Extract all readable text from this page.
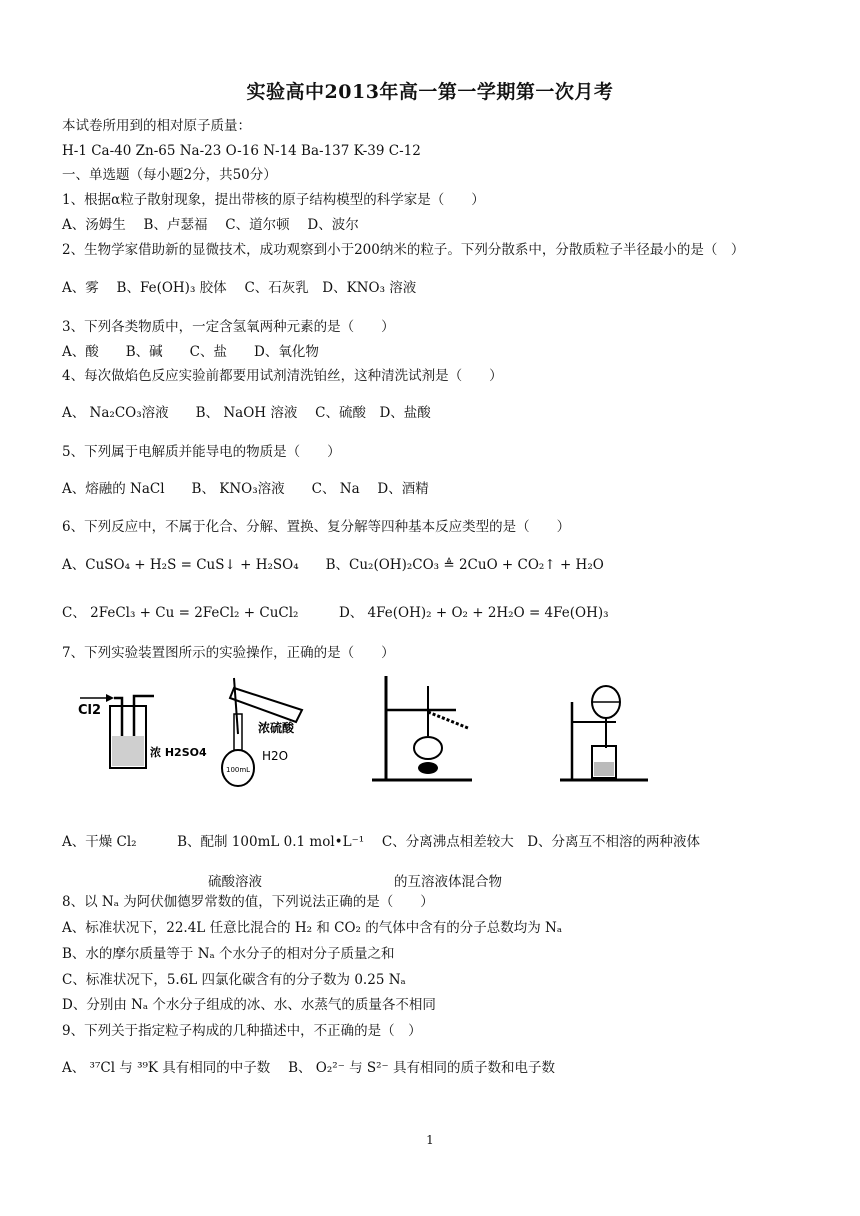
实验高中2013年高一第一学期第一次月考
本试卷所用到的相对原子质量：
H-1 Ca-40 Zn-65 Na-23 O-16 N-14 Ba-137 K-39 C-12
一、单选题（每小题2分，共50分）
1、根据α粒子散射现象，提出带核的原子结构模型的科学家是（　　）
A、汤姆生　 B、卢瑟福　 C、道尔顿　 D、波尔
2、生物学家借助新的显微技术，成功观察到小于200纳米的粒子。下列分散系中，分散质粒子半径最小的是（　）
A、雾　 B、Fe(OH)₃ 胶体　 C、石灰乳　D、KNO₃ 溶液
3、下列各类物质中，一定含氢氧两种元素的是（　　）
A、酸　　B、碱　　C、盐　　D、氧化物
4、每次做焰色反应实验前都要用试剂清洗铂丝，这种清洗试剂是（　　）
A、 Na₂CO₃溶液　　B、 NaOH 溶液　 C、硫酸　D、盐酸
5、下列属于电解质并能导电的物质是（　　）
A、熔融的 NaCl　　B、 KNO₃溶液　　C、 Na　 D、酒精
6、下列反应中，不属于化合、分解、置换、复分解等四种基本反应类型的是（　　）
A、CuSO₄ + H₂S = CuS↓ + H₂SO₄　　B、Cu₂(OH)₂CO₃ ≜ 2CuO + CO₂↑ + H₂O
C、 2FeCl₃ + Cu = 2FeCl₂ + CuCl₂　　　D、 4Fe(OH)₂ + O₂ + 2H₂O = 4Fe(OH)₃
7、下列实验装置图所示的实验操作，正确的是（　　）
Cl2
浓 H2SO4
100mL
浓硫酸
H2O
A、干燥 Cl₂　　　B、配制 100mL 0.1 mol•L⁻¹　 C、分离沸点相差较大　D、分离互不相溶的两种液体
硫酸溶液	的互溶液体混合物
8、以 Nₐ 为阿伏伽德罗常数的值，下列说法正确的是（　　）
A、标准状况下，22.4L 任意比混合的 H₂ 和 CO₂ 的气体中含有的分子总数均为 Nₐ
B、水的摩尔质量等于 Nₐ 个水分子的相对分子质量之和
C、标准状况下，5.6L 四氯化碳含有的分子数为 0.25 Nₐ
D、分别由 Nₐ 个水分子组成的冰、水、水蒸气的质量各不相同
9、下列关于指定粒子构成的几种描述中，不正确的是（　）
A、 ³⁷Cl 与 ³⁹K 具有相同的中子数　 B、 O₂²⁻ 与 S²⁻ 具有相同的质子数和电子数
1
